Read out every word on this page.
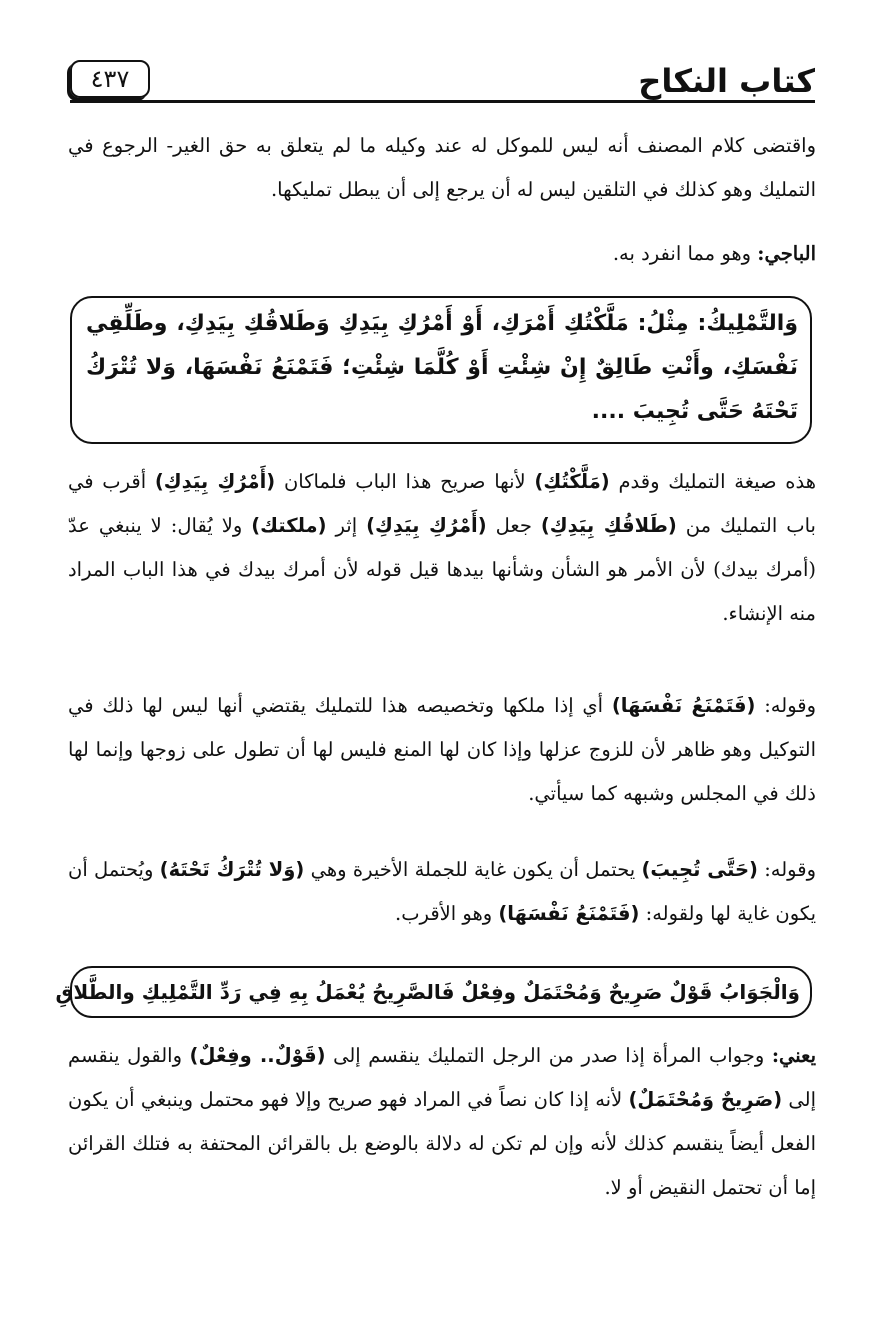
كتاب النكاح
٤٣٧
واقتضى كلام المصنف أنه ليس للموكل له عند وكيله ما لم يتعلق به حق الغير- الرجوع في التمليك وهو كذلك في التلقين ليس له أن يرجع إلى أن يبطل تمليكها.
الباجي: وهو مما انفرد به.
وَالتَّمْلِيكُ: مِثْلُ: مَلَّكْتُكِ أَمْرَكِ، أَوْ أَمْرُكِ بِيَدِكِ وَطَلاقُكِ بِيَدِكِ، وطَلِّقِي نَفْسَكِ، وأَنْتِ طَالِقٌ إِنْ شِئْتِ أَوْ كُلَّمَا شِئْتِ؛ فَتَمْنَعُ نَفْسَهَا، وَلا تُتْرَكُ تَحْتَهُ حَتَّى تُجِيبَ ....
هذه صيغة التمليك وقدم (مَلَّكْتُكِ) لأنها صريح هذا الباب فلماكان (أَمْرُكِ بِيَدِكِ) أقرب في باب التمليك من (طَلاقُكِ بِيَدِكِ) جعل (أَمْرُكِ بِيَدِكِ) إثر (ملكتك) ولا يُقال: لا ينبغي عدّ (أمرك بيدك) لأن الأمر هو الشأن وشأنها بيدها قيل قوله لأن أمرك بيدك في هذا الباب المراد منه الإنشاء.
وقوله: (فَتَمْنَعُ نَفْسَهَا) أي إذا ملكها وتخصيصه هذا للتمليك يقتضي أنها ليس لها ذلك في التوكيل وهو ظاهر لأن للزوج عزلها وإذا كان لها المنع فليس لها أن تطول على زوجها وإنما لها ذلك في المجلس وشبهه كما سيأتي.
وقوله: (حَتَّى تُجِيبَ) يحتمل أن يكون غاية للجملة الأخيرة وهي (وَلا تُتْرَكُ تَحْتَهُ) ويُحتمل أن يكون غاية لها ولقوله: (فَتَمْنَعُ نَفْسَهَا) وهو الأقرب.
وَالْجَوَابُ قَوْلٌ صَرِيحٌ وَمُحْتَمَلٌ وفِعْلٌ فَالصَّرِيحُ يُعْمَلُ بِهِ فِي رَدِّ التَّمْلِيكِ والطَّلاقِ
يعني: وجواب المرأة إذا صدر من الرجل التمليك ينقسم إلى (قَوْلٌ.. وفِعْلٌ) والقول ينقسم إلى (صَرِيحٌ وَمُحْتَمَلٌ) لأنه إذا كان نصاً في المراد فهو صريح وإلا فهو محتمل وينبغي أن يكون الفعل أيضاً ينقسم كذلك لأنه وإن لم تكن له دلالة بالوضع بل بالقرائن المحتفة به فتلك القرائن إما أن تحتمل النقيض أو لا.
